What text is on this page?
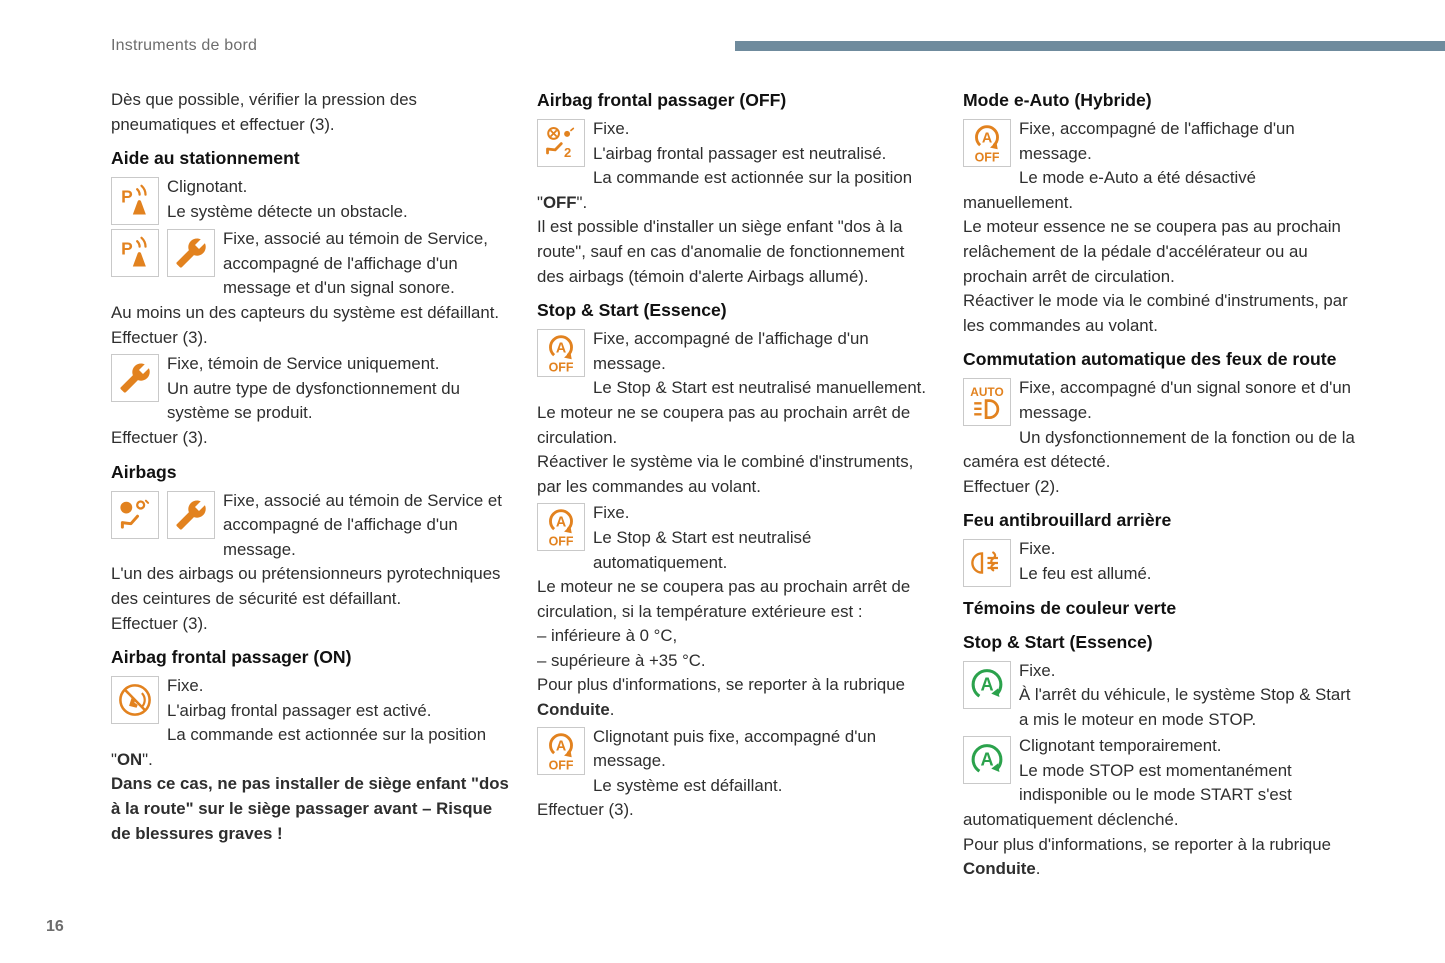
Instruments de bord

Dès que possible, vérifier la pression des pneumatiques et effectuer (3).

Aide au stationnement
Clignotant.
Le système détecte un obstacle.
Fixe, associé au témoin de Service, accompagné de l'affichage d'un message et d'un signal sonore.
Au moins un des capteurs du système est défaillant.
Effectuer (3).
Fixe, témoin de Service uniquement.
Un autre type de dysfonctionnement du système se produit.
Effectuer (3).
Airbags
Fixe, associé au témoin de Service et accompagné de l'affichage d'un message.
L'un des airbags ou prétensionneurs pyrotechniques des ceintures de sécurité est défaillant.
Effectuer (3).
Airbag frontal passager (ON)
Fixe.
L'airbag frontal passager est activé.
La commande est actionnée sur la position "ON".
Dans ce cas, ne pas installer de siège enfant "dos à la route" sur le siège passager avant – Risque de blessures graves !
Airbag frontal passager (OFF)
Fixe.
L'airbag frontal passager est neutralisé.
La commande est actionnée sur la position "OFF".
Il est possible d'installer un siège enfant "dos à la route", sauf en cas d'anomalie de fonctionnement des airbags (témoin d'alerte Airbags allumé).
Stop & Start (Essence)
Fixe, accompagné de l'affichage d'un message.
Le Stop & Start est neutralisé manuellement.
Le moteur ne se coupera pas au prochain arrêt de circulation.
Réactiver le système via le combiné d'instruments, par les commandes au volant.
Fixe.
Le Stop & Start est neutralisé automatiquement.
Le moteur ne se coupera pas au prochain arrêt de circulation, si la température extérieure est :
– inférieure à 0 °C,
– supérieure à +35 °C.
Pour plus d'informations, se reporter à la rubrique Conduite.
Clignotant puis fixe, accompagné d'un message.
Le système est défaillant.
Effectuer (3).
Mode e-Auto (Hybride)
Fixe, accompagné de l'affichage d'un message.
Le mode e-Auto a été désactivé manuellement.
Le moteur essence ne se coupera pas au prochain relâchement de la pédale d'accélérateur ou au prochain arrêt de circulation.
Réactiver le mode via le combiné d'instruments, par les commandes au volant.
Commutation automatique des feux de route
Fixe, accompagné d'un signal sonore et d'un message.
Un dysfonctionnement de la fonction ou de la caméra est détecté.
Effectuer (2).
Feu antibrouillard arrière
Fixe.
Le feu est allumé.
Témoins de couleur verte
Stop & Start (Essence)
Fixe.
À l'arrêt du véhicule, le système Stop & Start a mis le moteur en mode STOP.
Clignotant temporairement.
Le mode STOP est momentanément indisponible ou le mode START s'est automatiquement déclenché.
Pour plus d'informations, se reporter à la rubrique Conduite.
16
